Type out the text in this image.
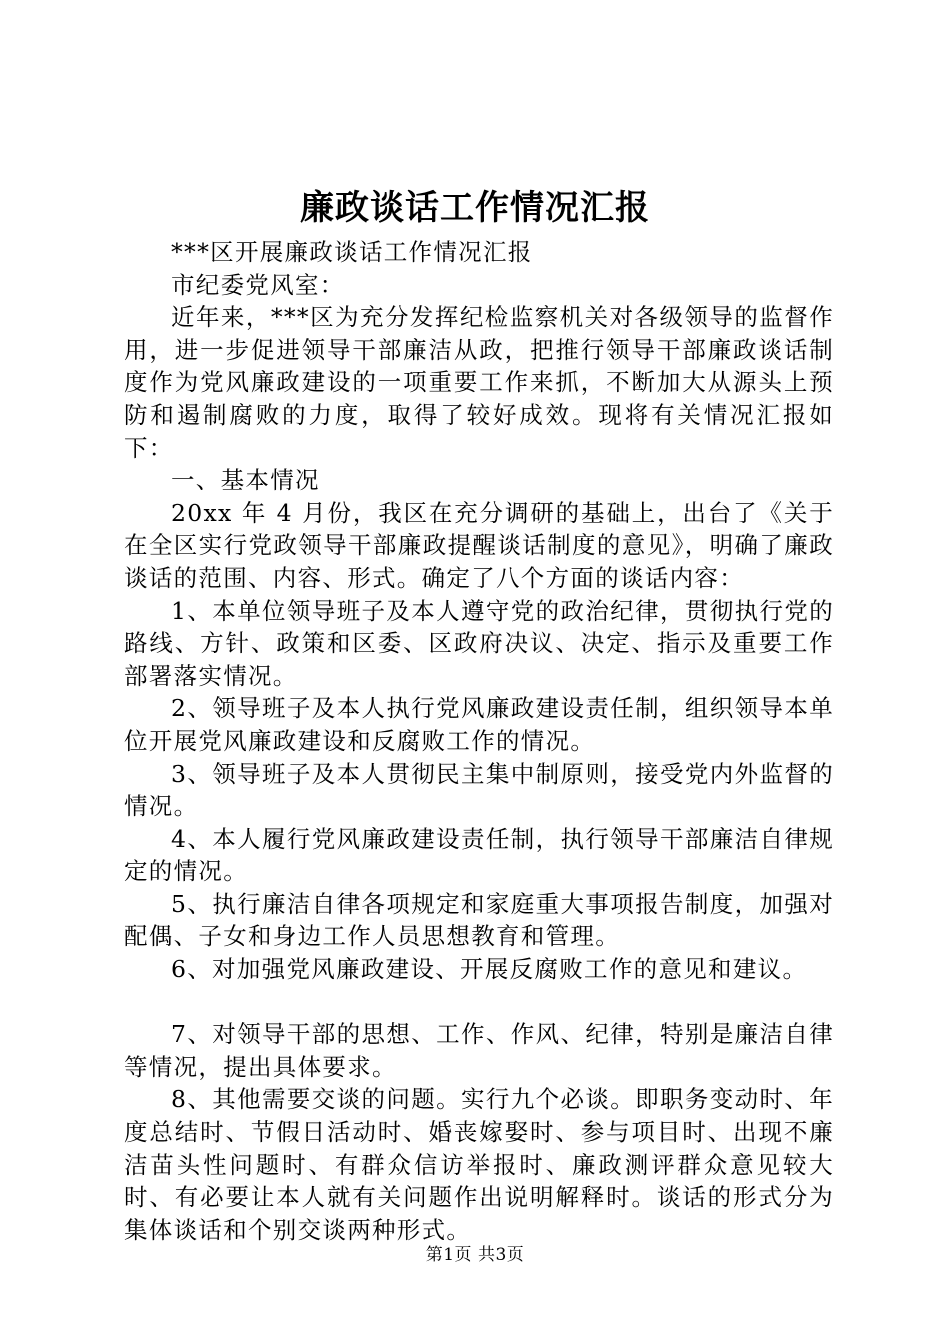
廉政谈话工作情况汇报

***区开展廉政谈话工作情况汇报

市纪委党风室：

近年来，***区为充分发挥纪检监察机关对各级领导的监督作用，进一步促进领导干部廉洁从政，把推行领导干部廉政谈话制度作为党风廉政建设的一项重要工作来抓，不断加大从源头上预防和遏制腐败的力度，取得了较好成效。现将有关情况汇报如下：

一、基本情况

20xx 年 4 月份，我区在充分调研的基础上，出台了《关于在全区实行党政领导干部廉政提醒谈话制度的意见》，明确了廉政谈话的范围、内容、形式。确定了八个方面的谈话内容：

1、本单位领导班子及本人遵守党的政治纪律，贯彻执行党的路线、方针、政策和区委、区政府决议、决定、指示及重要工作部署落实情况。

2、领导班子及本人执行党风廉政建设责任制，组织领导本单位开展党风廉政建设和反腐败工作的情况。

3、领导班子及本人贯彻民主集中制原则，接受党内外监督的情况。

4、本人履行党风廉政建设责任制，执行领导干部廉洁自律规定的情况。

5、执行廉洁自律各项规定和家庭重大事项报告制度，加强对配偶、子女和身边工作人员思想教育和管理。

6、对加强党风廉政建设、开展反腐败工作的意见和建议。

7、对领导干部的思想、工作、作风、纪律，特别是廉洁自律等情况，提出具体要求。

8、其他需要交谈的问题。实行九个必谈。即职务变动时、年度总结时、节假日活动时、婚丧嫁娶时、参与项目时、出现不廉洁苗头性问题时、有群众信访举报时、廉政测评群众意见较大时、有必要让本人就有关问题作出说明解释时。谈话的形式分为集体谈话和个别交谈两种形式。

第1页 共3页
